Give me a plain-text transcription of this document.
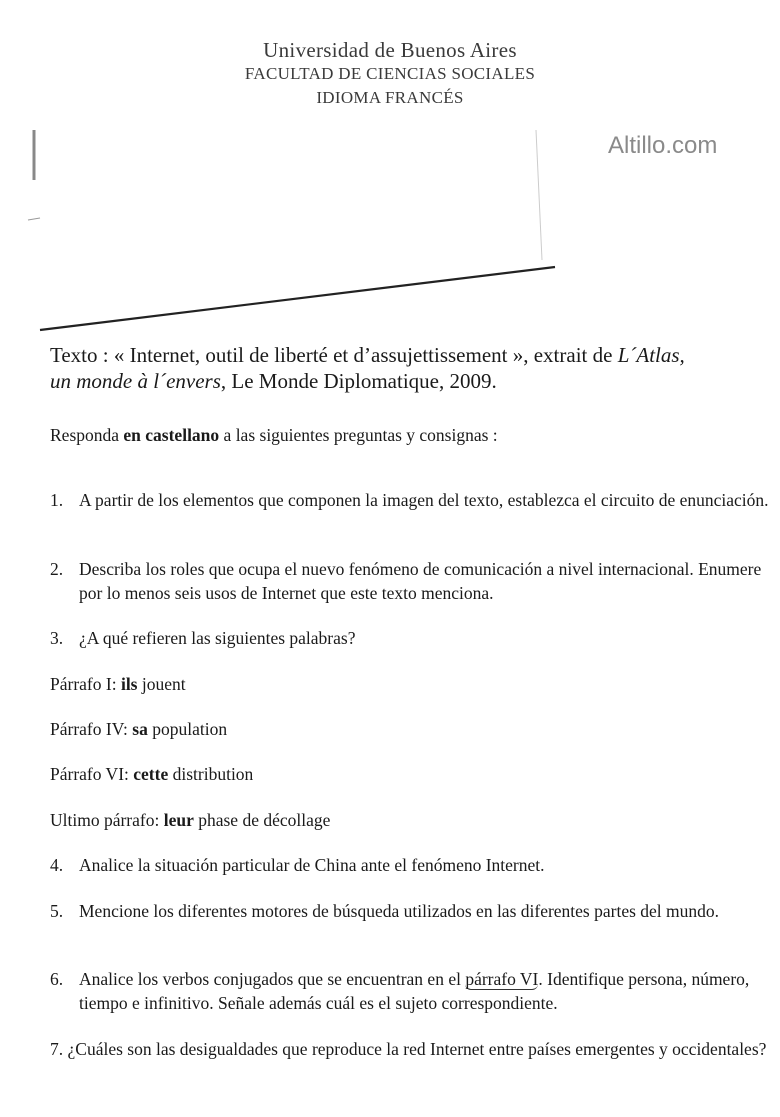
Universidad de Buenos Aires
FACULTAD DE CIENCIAS SOCIALES
IDIOMA FRANCÉS
Altillo.com
Texto : « Internet, outil de liberté et d’assujettissement », extrait de L´Atlas,
un monde à l´envers, Le Monde Diplomatique, 2009.
Responda en castellano a las siguientes preguntas y consignas :
1. A partir de los elementos que componen la imagen del texto, establezca el circuito de enunciación.
2. Describa los roles que ocupa el nuevo fenómeno de comunicación a nivel internacional. Enumere por lo menos seis usos de Internet que este texto menciona.
3. ¿A qué refieren las siguientes palabras?
Párrafo I: ils jouent
Párrafo IV: sa population
Párrafo VI: cette distribution
Ultimo párrafo: leur phase de décollage
4. Analice la situación particular de China ante el fenómeno Internet.
5. Mencione los diferentes motores de búsqueda utilizados en las diferentes partes del mundo.
6. Analice los verbos conjugados que se encuentran en el párrafo VI. Identifique persona, número, tiempo e infinitivo. Señale además cuál es el sujeto correspondiente.
7. ¿Cuáles son las desigualdades que reproduce la red Internet entre países emergentes y occidentales?
